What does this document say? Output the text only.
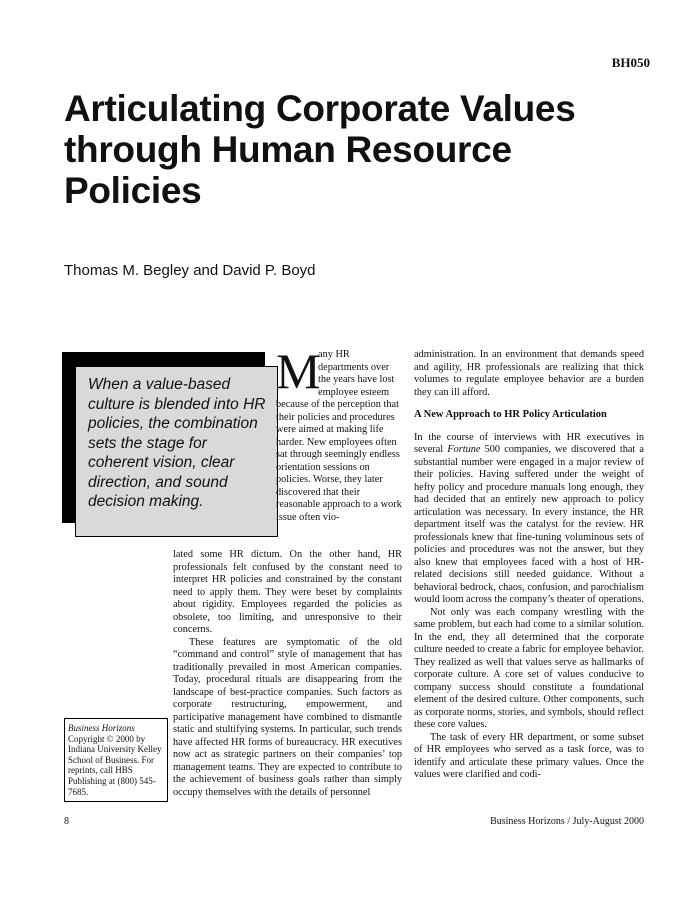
BH050
Articulating Corporate Values through Human Resource Policies
Thomas M. Begley and David P. Boyd
When a value-based culture is blended into HR policies, the combination sets the stage for coherent vision, clear direction, and sound decision making.
M
any HR departments over the years have lost employee esteem because of the perception that their policies and procedures were aimed at making life harder. New employees often sat through seemingly endless orientation sessions on policies. Worse, they later discovered that their reasonable approach to a work issue often vio-

lated some HR dictum. On the other hand, HR professionals felt confused by the constant need to interpret HR policies and constrained by the constant need to apply them. They were beset by complaints about rigidity. Employees regarded the policies as obsolete, too limiting, and unresponsive to their concerns.

These features are symptomatic of the old “command and control” style of management that has traditionally prevailed in most American companies. Today, procedural rituals are disappearing from the landscape of best-practice companies. Such factors as corporate restructuring, empowerment, and participative management have combined to dismantle static and stultifying systems. In particular, such trends have affected HR forms of bureaucracy. HR executives now act as strategic partners on their companies’ top management teams. They are expected to contribute to the achievement of business goals rather than simply occupy themselves with the details of personnel

administration. In an environment that demands speed and agility, HR professionals are realizing that thick volumes to regulate employee behavior are a burden they can ill afford.

A New Approach to HR Policy Articulation

In the course of interviews with HR executives in several Fortune 500 companies, we discovered that a substantial number were engaged in a major review of their policies. Having suffered under the weight of hefty policy and procedure manuals long enough, they had decided that an entirely new approach to policy articulation was necessary. In every instance, the HR department itself was the catalyst for the review. HR professionals knew that fine-tuning voluminous sets of policies and procedures was not the answer, but they also knew that employees faced with a host of HR-related decisions still needed guidance. Without a behavioral bedrock, chaos, confusion, and parochialism would loom across the company’s theater of operations.

Not only was each company wrestling with the same problem, but each had come to a similar solution. In the end, they all determined that the corporate culture needed to create a fabric for employee behavior. They realized as well that values serve as hallmarks of corporate culture. A core set of values conducive to company success should constitute a foundational element of the desired culture. Other components, such as corporate norms, stories, and symbols, should reflect these core values.

The task of every HR department, or some subset of HR employees who served as a task force, was to identify and articulate these primary values. Once the values were clarified and codi-

Business Horizons
Copyright © 2000 by Indiana University Kelley School of Business. For reprints, call HBS Publishing at (800) 545-7685.
8	Business Horizons / July-August 2000
